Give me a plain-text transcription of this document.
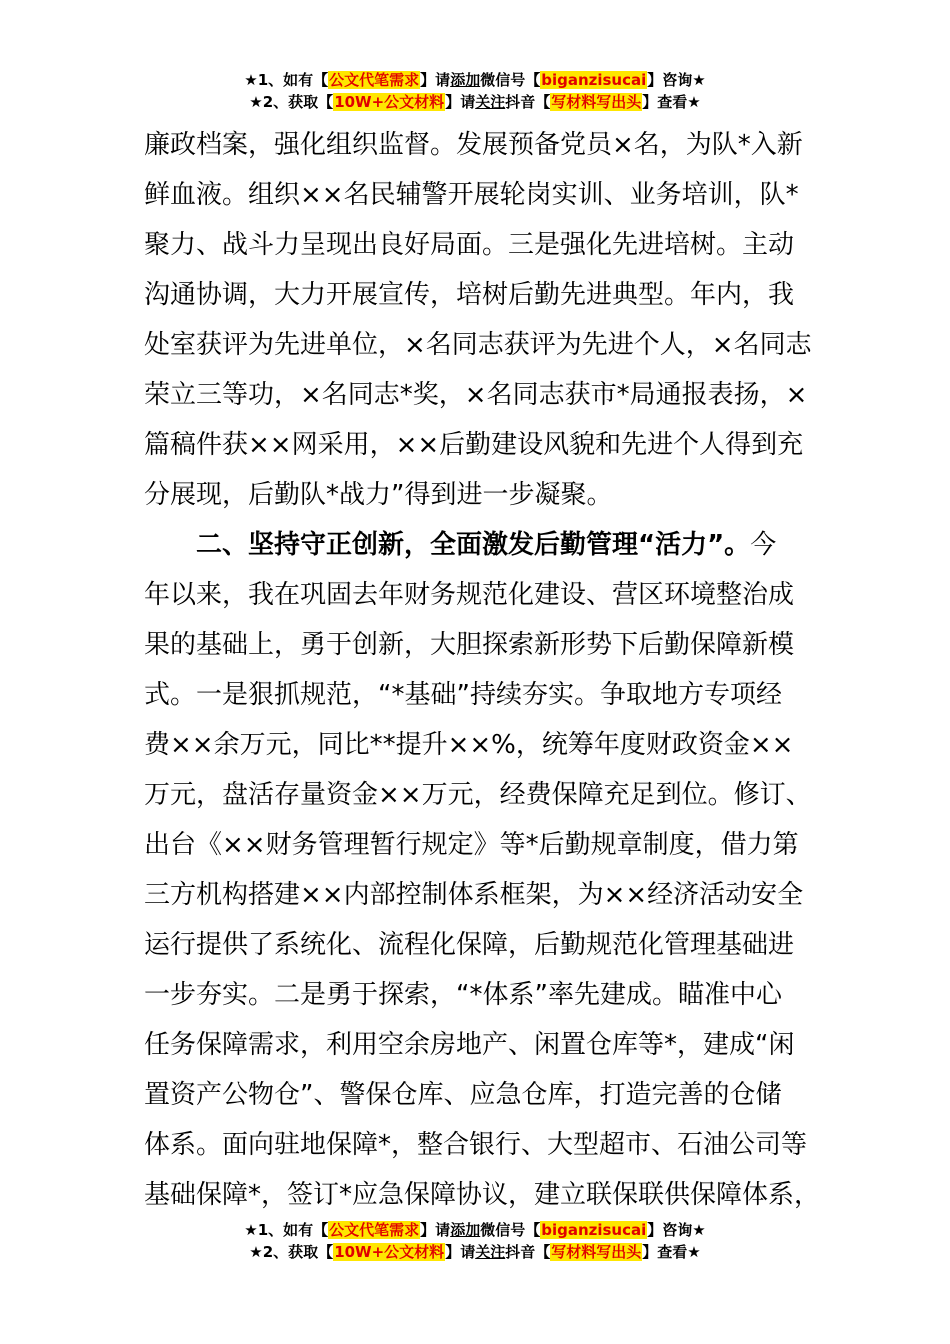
★1、如有【公文代笔需求】请添加微信号【biganzisucai】咨询★
★2、获取【10W+公文材料】请关注抖音【写材料写出头】查看★
廉政档案，强化组织监督。发展预备党员×名，为队*入新
鲜血液。组织××名民辅警开展轮岗实训、业务培训，队*
聚力、战斗力呈现出良好局面。三是强化先进培树。主动
沟通协调，大力开展宣传，培树后勤先进典型。年内，我
处室获评为先进单位，×名同志获评为先进个人，×名同志
荣立三等功，×名同志*奖，×名同志获市*局通报表扬，×
篇稿件获××网采用，××后勤建设风貌和先进个人得到充
分展现，后勤队*战力”得到进一步凝聚。
二、坚持守正创新，全面激发后勤管理“活力”。今
年以来，我在巩固去年财务规范化建设、营区环境整治成
果的基础上，勇于创新，大胆探索新形势下后勤保障新模
式。一是狠抓规范，“*基础”持续夯实。争取地方专项经
费××余万元，同比**提升××%，统筹年度财政资金××
万元，盘活存量资金××万元，经费保障充足到位。修订、
出台《××财务管理暂行规定》等*后勤规章制度，借力第
三方机构搭建××内部控制体系框架，为××经济活动安全
运行提供了系统化、流程化保障，后勤规范化管理基础进
一步夯实。二是勇于探索，“*体系”率先建成。瞄准中心
任务保障需求，利用空余房地产、闲置仓库等*，建成“闲
置资产公物仓”、警保仓库、应急仓库，打造完善的仓储
体系。面向驻地保障*，整合银行、大型超市、石油公司等
基础保障*，签订*应急保障协议，建立联保联供保障体系，
★1、如有【公文代笔需求】请添加微信号【biganzisucai】咨询★
★2、获取【10W+公文材料】请关注抖音【写材料写出头】查看★
